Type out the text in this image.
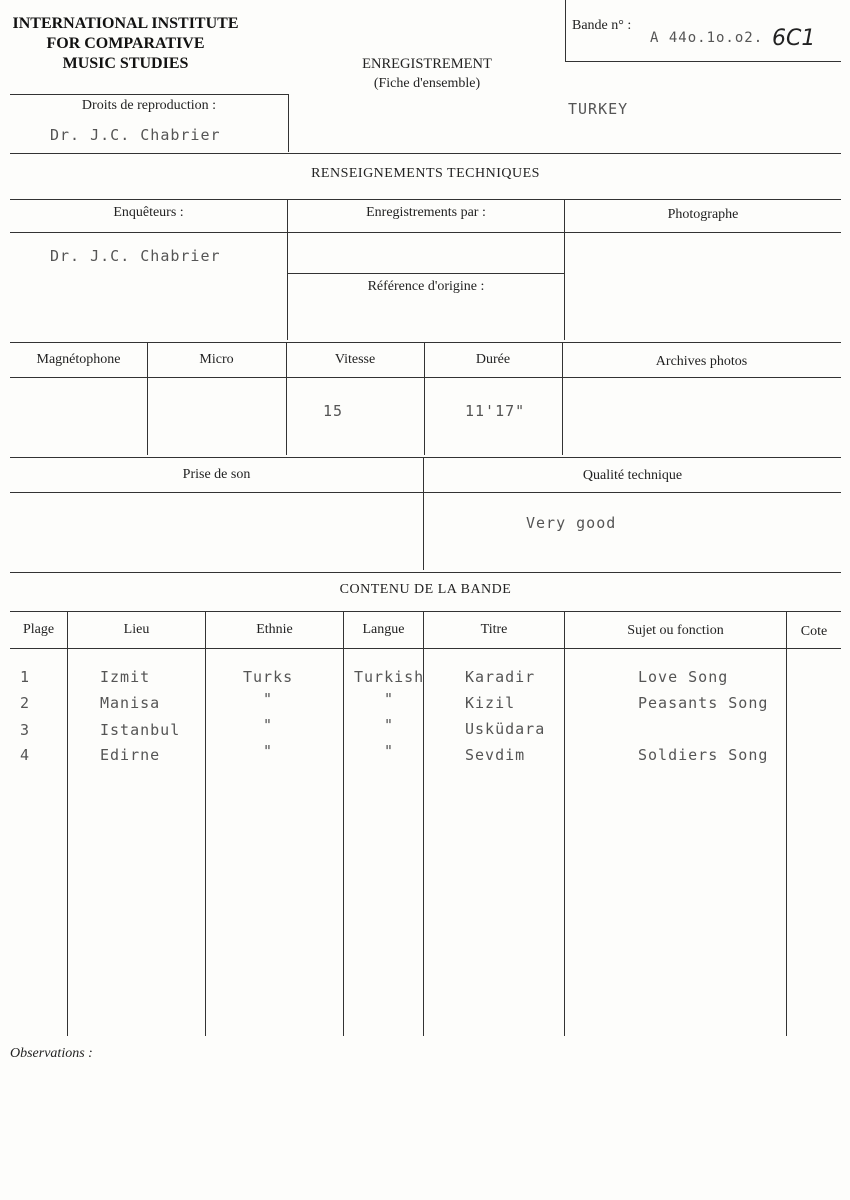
INTERNATIONAL INSTITUTE
FOR COMPARATIVE
MUSIC STUDIES	ENREGISTREMENT
(Fiche d'ensemble)
Bande n° :
A 44o.1o.o2. 6C1
Droits de reproduction :
Dr. J.C. Chabrier
TURKEY
RENSEIGNEMENTS TECHNIQUES
Enquêteurs :	Enregistrements par :	Photographe
Dr. J.C. Chabrier
Référence d'origine :
Magnétophone	Micro	Vitesse	Durée	Archives photos
15	11'17"
Prise de son	Qualité technique
Very good
CONTENU DE LA BANDE
Plage	Lieu	Ethnie	Langue	Titre	Sujet ou fonction	Cote
1	Izmit	Turks	Turkish	Karadir	Love Song
2	Manisa	"	"	Kizil	Peasants Song
3	Istanbul	"	"	Usküdara
4	Edirne	"	"	Sevdim	Soldiers Song
Observations :
